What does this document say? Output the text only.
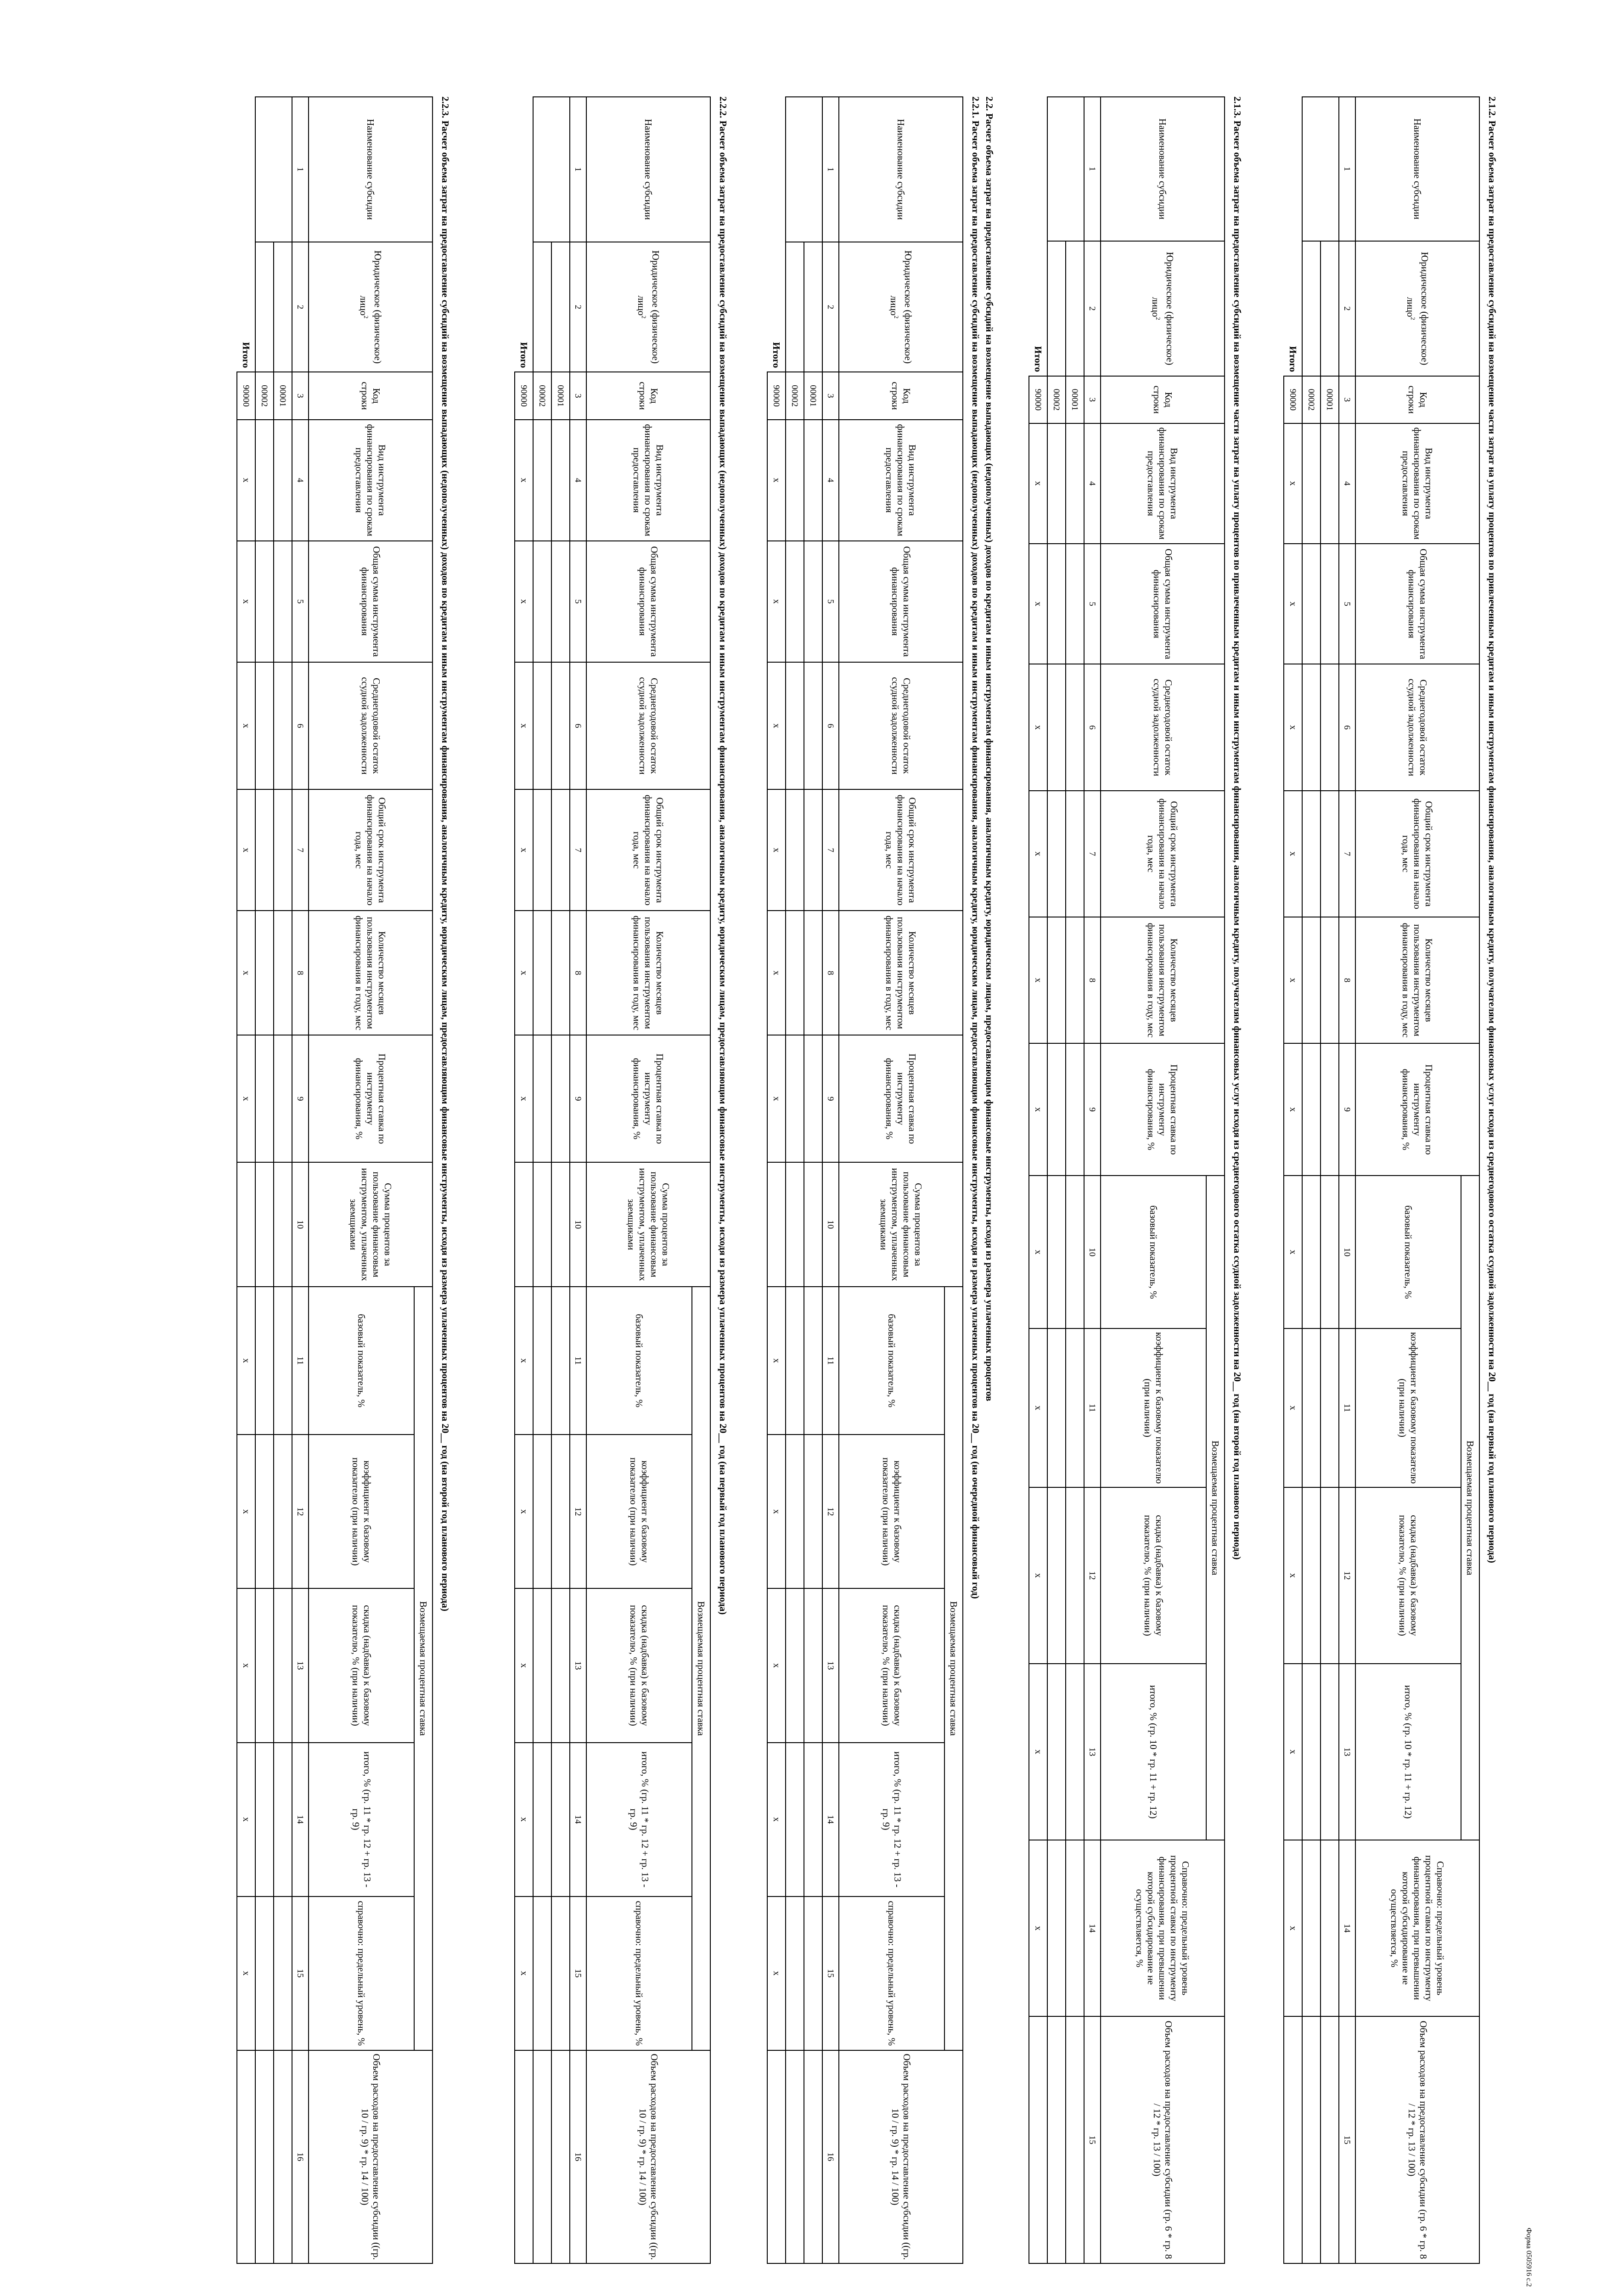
Форма 0505916 с.2
2.1.2. Расчет объема затрат на предоставление субсидий на возмещение части затрат на уплату процентов по привлеченным кредитам и иным инструментам финансирования, аналогичным кредиту, получателям финансовых услуг исходя из среднегодового остатка ссудной задолженности на 20__ год (на первый год планового периода)
Наименование субсидии	Юридическое (физическое) лицо$^2$	Код строки	Вид инструмента финансирования по срокам предоставления	Общая сумма инструмента финансирования	Среднегодовой остаток ссудной задолженности	Общий срок инструмента финансирования на начало года, мес	Количество месяцев пользования инструментом финансирования в году, мес	Процентная ставка по инструменту финансирования, %	Возмещаемая процентная ставка				Справочно: предельный уровень процентной ставки по инструменту финансирования, при превышении которой субсидирование не осуществляется, %	Объем расходов на предоставление субсидии (гр. 6 * гр. 8 / 12 * гр. 13 / 100)
									базовый показатель, %	коэффициент к базовому показателю (при наличии)	скидка (надбавка) к базовому показателю, % (при наличии)	итого, % (гр. 10 * гр. 11 + гр. 12)		
1	2	3	4	5	6	7	8	9	10	11	12	13	14	15
		00001												
		00002												
	Итого	90000	x	x	x	x	x	x	x	x	x	x	x	
2.1.3. Расчет объема затрат на предоставление субсидий на возмещение части затрат на уплату процентов по привлеченным кредитам и иным инструментам финансирования, аналогичным кредиту, получателям финансовых услуг исходя из среднегодового остатка ссудной задолженности на 20__ год (на второй год планового периода)
Наименование субсидии	Юридическое (физическое) лицо$^2$	Код строки	Вид инструмента финансирования по срокам предоставления	Общая сумма инструмента финансирования	Среднегодовой остаток ссудной задолженности	Общий срок инструмента финансирования на начало года, мес	Количество месяцев пользования инструментом финансирования в году, мес	Процентная ставка по инструменту финансирования, %	Возмещаемая процентная ставка				Справочно: предельный уровень процентной ставки по инструменту финансирования, при превышении которой субсидирование не осуществляется, %	Объем расходов на предоставление субсидии (гр. 6 * гр. 8 / 12 * гр. 13 / 100)
									базовый показатель, %	коэффициент к базовому показателю (при наличии)	скидка (надбавка) к базовому показателю, % (при наличии)	итого, % (гр. 10 * гр. 11 + гр. 12)		
1	2	3	4	5	6	7	8	9	10	11	12	13	14	15
		00001												
		00002												
	Итого	90000	x	x	x	x	x	x	x	x	x	x	x	
2.2. Расчет объема затрат на предоставление субсидий на возмещение выпадающих (недополученных) доходов по кредитам и иным инструментам финансирования, аналогичным кредиту, юридическим лицам, предоставляющим финансовые инструменты, исходя из размера уплаченных процентов
2.2.1. Расчет объема затрат на предоставление субсидий на возмещение выпадающих (недополученных) доходов по кредитам и иным инструментам финансирования, аналогичным кредиту, юридическим лицам, предоставляющим финансовые инструменты, исходя из размера уплаченных процентов на 20__ год (на очередной финансовый год)
Наименование субсидии	Юридическое (физическое) лицо$^2$	Код строки	Вид инструмента финансирования по срокам предоставления	Общая сумма инструмента финансирования	Среднегодовой остаток ссудной задолженности	Общий срок инструмента финансирования на начало года, мес	Количество месяцев пользования инструментом финансирования в году, мес	Процентная ставка по инструменту финансирования, %	Сумма процентов за пользование финансовым инструментом, уплаченных заемщиками	Возмещаемая процентная ставка					Объем расходов на предоставление субсидии ((гр. 10 / гр. 9) * гр. 14 / 100)
										базовый показатель, %	коэффициент к базовому показателю (при наличии)	скидка (надбавка) к базовому показателю, % (при наличии)	итого, % (гр. 11 * гр. 12 + гр. 13 - гр. 9)	справочно: предельный уровень, %	
1	2	3	4	5	6	7	8	9	10	11	12	13	14	15	16
		00001													
		00002													
	Итого	90000	x	x	x	x	x	x		x	x	x	x	x	
2.2.2. Расчет объема затрат на предоставление субсидий на возмещение выпадающих (недополученных) доходов по кредитам и иным инструментам финансирования, аналогичным кредиту, юридическим лицам, предоставляющим финансовые инструменты, исходя из размера уплаченных процентов на 20__ год (на первый год планового периода)
Наименование субсидии	Юридическое (физическое) лицо$^2$	Код строки	Вид инструмента финансирования по срокам предоставления	Общая сумма инструмента финансирования	Среднегодовой остаток ссудной задолженности	Общий срок инструмента финансирования на начало года, мес	Количество месяцев пользования инструментом финансирования в году, мес	Процентная ставка по инструменту финансирования, %	Сумма процентов за пользование финансовым инструментом, уплаченных заемщиками	Возмещаемая процентная ставка					Объем расходов на предоставление субсидии ((гр. 10 / гр. 9) * гр. 14 / 100)
										базовый показатель, %	коэффициент к базовому показателю (при наличии)	скидка (надбавка) к базовому показателю, % (при наличии)	итого, % (гр. 11 * гр. 12 + гр. 13 - гр. 9)	справочно: предельный уровень, %	
1	2	3	4	5	6	7	8	9	10	11	12	13	14	15	16
		00001													
		00002													
	Итого	90000	x	x	x	x	x	x		x	x	x	x	x	
2.2.3. Расчет объема затрат на предоставление субсидий на возмещение выпадающих (недополученных) доходов по кредитам и иным инструментам финансирования, аналогичным кредиту, юридическим лицам, предоставляющим финансовые инструменты, исходя из размера уплаченных процентов на 20__ год (на второй год планового периода)
Наименование субсидии	Юридическое (физическое) лицо$^2$	Код строки	Вид инструмента финансирования по срокам предоставления	Общая сумма инструмента финансирования	Среднегодовой остаток ссудной задолженности	Общий срок инструмента финансирования на начало года, мес	Количество месяцев пользования инструментом финансирования в году, мес	Процентная ставка по инструменту финансирования, %	Сумма процентов за пользование финансовым инструментом, уплаченных заемщиками	Возмещаемая процентная ставка					Объем расходов на предоставление субсидии ((гр. 10 / гр. 9) * гр. 14 / 100)
										базовый показатель, %	коэффициент к базовому показателю (при наличии)	скидка (надбавка) к базовому показателю, % (при наличии)	итого, % (гр. 11 * гр. 12 + гр. 13 - гр. 9)	справочно: предельный уровень, %	
1	2	3	4	5	6	7	8	9	10	11	12	13	14	15	16
		00001													
		00002													
	Итого	90000	x	x	x	x	x	x		x	x	x	x	x	
